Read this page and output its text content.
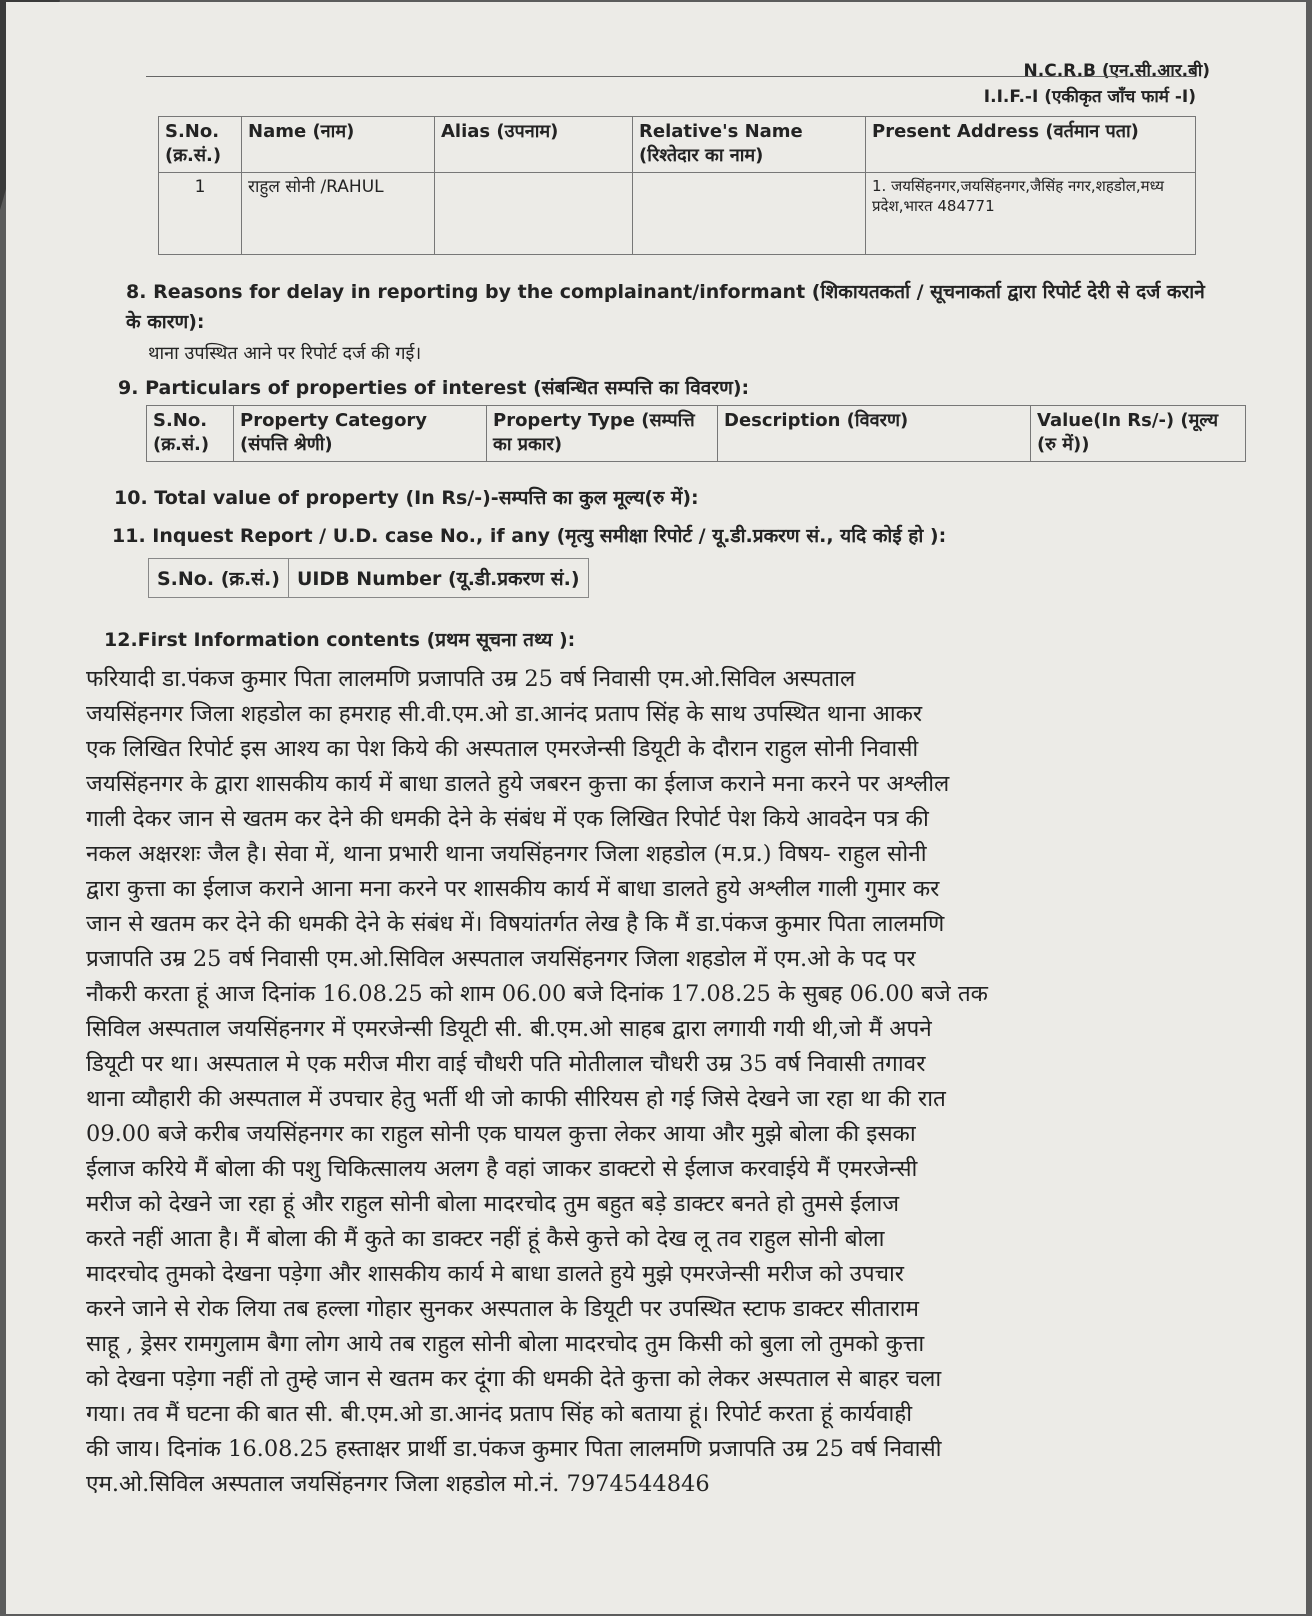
N.C.R.B (एन.सी.आर.बी)
I.I.F.-I (एकीकृत जाँच फार्म -I)
S.No. (क्र.सं.)	Name (नाम)	Alias (उपनाम)	Relative's Name (रिश्तेदार का नाम)	Present Address (वर्तमान पता)
1	राहुल सोनी /RAHUL			1. जयसिंहनगर,जयसिंहनगर,जैसिंह नगर,शहडोल,मध्य प्रदेश,भारत 484771
8. Reasons for delay in reporting by the complainant/informant (शिकायतकर्ता / सूचनाकर्ता द्वारा रिपोर्ट देरी से दर्ज कराने के कारण):
थाना उपस्थित आने पर रिपोर्ट दर्ज की गई।
9. Particulars of properties of interest (संबन्धित सम्पत्ति का विवरण):
S.No. (क्र.सं.)	Property Category (संपत्ति श्रेणी)	Property Type (सम्पत्ति का प्रकार)	Description (विवरण)	Value(In Rs/-) (मूल्य (रु में))
10. Total value of property (In Rs/-)-सम्पत्ति का कुल मूल्य(रु में):
11. Inquest Report / U.D. case No., if any (मृत्यु समीक्षा रिपोर्ट / यू.डी.प्रकरण सं., यदि कोई हो ):
S.No. (क्र.सं.) UIDB Number (यू.डी.प्रकरण सं.)
12.First Information contents (प्रथम सूचना तथ्य ):
फरियादी डा.पंकज कुमार पिता लालमणि प्रजापति उम्र 25 वर्ष निवासी एम.ओ.सिविल अस्पताल
जयसिंहनगर जिला शहडोल का हमराह सी.वी.एम.ओ डा.आनंद प्रताप सिंह के साथ उपस्थित थाना आकर
एक लिखित रिपोर्ट इस आश्य का पेश किये की अस्पताल एमरजेन्सी डियूटी के दौरान राहुल सोनी निवासी
जयसिंहनगर के द्वारा शासकीय कार्य में बाधा डालते हुये जबरन कुत्ता का ईलाज कराने मना करने पर अश्लील
गाली देकर जान से खतम कर देने की धमकी देने के संबंध में एक लिखित रिपोर्ट पेश किये आवदेन पत्र की
नकल अक्षरशः जैल है। सेवा में, थाना प्रभारी थाना जयसिंहनगर जिला शहडोल (म.प्र.) विषय- राहुल सोनी
द्वारा कुत्ता का ईलाज कराने आना मना करने पर शासकीय कार्य में बाधा डालते हुये अश्लील गाली गुमार कर
जान से खतम कर देने की धमकी देने के संबंध में। विषयांतर्गत लेख है कि मैं डा.पंकज कुमार पिता लालमणि
प्रजापति उम्र 25 वर्ष निवासी एम.ओ.सिविल अस्पताल जयसिंहनगर जिला शहडोल में एम.ओ के पद पर
नौकरी करता हूं आज दिनांक 16.08.25 को शाम 06.00 बजे दिनांक 17.08.25 के सुबह 06.00 बजे तक
सिविल अस्पताल जयसिंहनगर में एमरजेन्सी डियूटी सी. बी.एम.ओ साहब द्वारा लगायी गयी थी,जो मैं अपने
डियूटी पर था। अस्पताल मे एक मरीज मीरा वाई चौधरी पति मोतीलाल चौधरी उम्र 35 वर्ष निवासी तगावर
थाना व्यौहारी की अस्पताल में उपचार हेतु भर्ती थी जो काफी सीरियस हो गई जिसे देखने जा रहा था की रात
09.00 बजे करीब जयसिंहनगर का राहुल सोनी एक घायल कुत्ता लेकर आया और मुझे बोला की इसका
ईलाज करिये मैं बोला की पशु चिकित्सालय अलग है वहां जाकर डाक्टरो से ईलाज करवाईये मैं एमरजेन्सी
मरीज को देखने जा रहा हूं और राहुल सोनी बोला मादरचोद तुम बहुत बड़े डाक्टर बनते हो तुमसे ईलाज
करते नहीं आता है। मैं बोला की मैं कुते का डाक्टर नहीं हूं कैसे कुत्ते को देख लू तव राहुल सोनी बोला
मादरचोद तुमको देखना पड़ेगा और शासकीय कार्य मे बाधा डालते हुये मुझे एमरजेन्सी मरीज को उपचार
करने जाने से रोक लिया तब हल्ला गोहार सुनकर अस्पताल के डियूटी पर उपस्थित स्टाफ डाक्टर सीताराम
साहू , ड्रेसर रामगुलाम बैगा लोग आये तब राहुल सोनी बोला मादरचोद तुम किसी को बुला लो तुमको कुत्ता
को देखना पड़ेगा नहीं तो तुम्हे जान से खतम कर दूंगा की धमकी देते कुत्ता को लेकर अस्पताल से बाहर चला
गया। तव मैं घटना की बात सी. बी.एम.ओ डा.आनंद प्रताप सिंह को बताया हूं। रिपोर्ट करता हूं कार्यवाही
की जाय। दिनांक 16.08.25 हस्ताक्षर प्रार्थी डा.पंकज कुमार पिता लालमणि प्रजापति उम्र 25 वर्ष निवासी
एम.ओ.सिविल अस्पताल जयसिंहनगर जिला शहडोल मो.नं. 7974544846
